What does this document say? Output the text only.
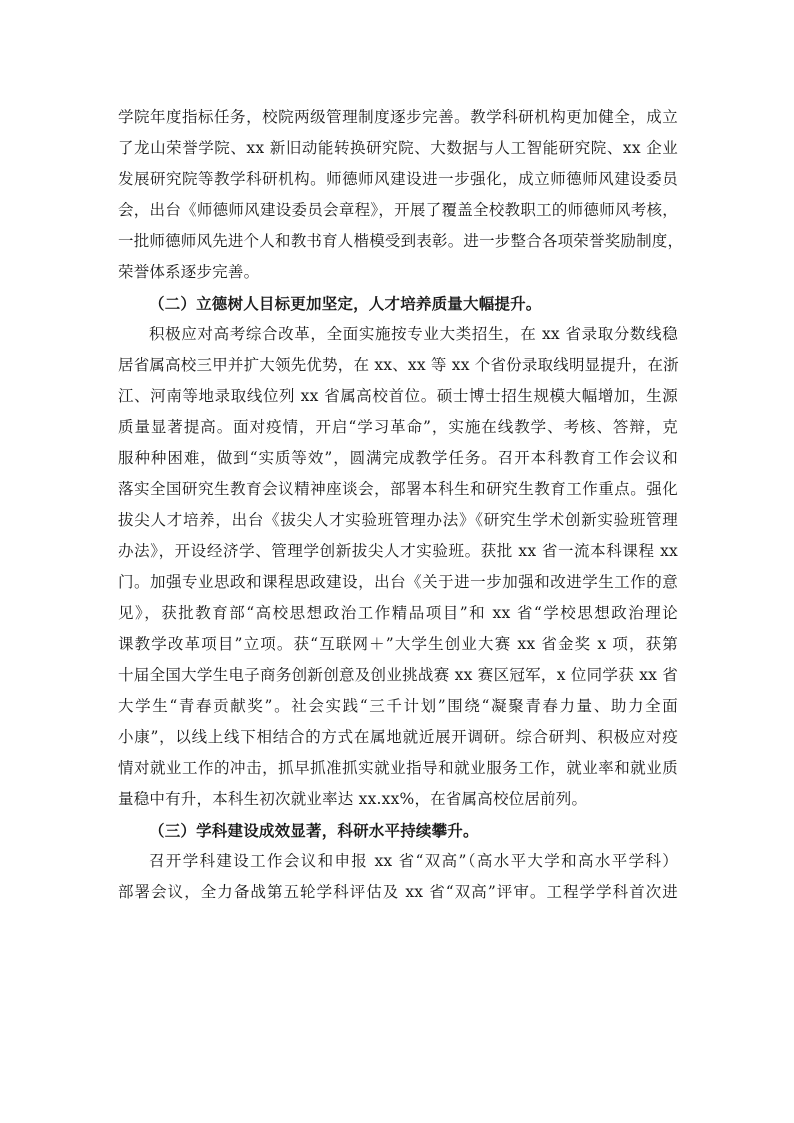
学院年度指标任务，校院两级管理制度逐步完善。教学科研机构更加健全，成立
了龙山荣誉学院、xx 新旧动能转换研究院、大数据与人工智能研究院、xx 企业
发展研究院等教学科研机构。师德师风建设进一步强化，成立师德师风建设委员
会，出台《师德师风建设委员会章程》，开展了覆盖全校教职工的师德师风考核，
一批师德师风先进个人和教书育人楷模受到表彰。进一步整合各项荣誉奖励制度，
荣誉体系逐步完善。
（二）立德树人目标更加坚定，人才培养质量大幅提升。
积极应对高考综合改革，全面实施按专业大类招生，在 xx 省录取分数线稳
居省属高校三甲并扩大领先优势，在 xx、xx 等 xx 个省份录取线明显提升，在浙
江、河南等地录取线位列 xx 省属高校首位。硕士博士招生规模大幅增加，生源
质量显著提高。面对疫情，开启“学习革命”，实施在线教学、考核、答辩，克
服种种困难，做到“实质等效”，圆满完成教学任务。召开本科教育工作会议和
落实全国研究生教育会议精神座谈会，部署本科生和研究生教育工作重点。强化
拔尖人才培养，出台《拔尖人才实验班管理办法》《研究生学术创新实验班管理
办法》，开设经济学、管理学创新拔尖人才实验班。获批 xx 省一流本科课程 xx
门。加强专业思政和课程思政建设，出台《关于进一步加强和改进学生工作的意
见》，获批教育部“高校思想政治工作精品项目”和 xx 省“学校思想政治理论
课教学改革项目”立项。获“互联网＋”大学生创业大赛 xx 省金奖 x 项，获第
十届全国大学生电子商务创新创意及创业挑战赛 xx 赛区冠军，x 位同学获 xx 省
大学生“青春贡献奖”。社会实践“三千计划”围绕“凝聚青春力量、助力全面
小康”，以线上线下相结合的方式在属地就近展开调研。综合研判、积极应对疫
情对就业工作的冲击，抓早抓准抓实就业指导和就业服务工作，就业率和就业质
量稳中有升，本科生初次就业率达 xx.xx%，在省属高校位居前列。
（三）学科建设成效显著，科研水平持续攀升。
召开学科建设工作会议和申报 xx 省“双高”（高水平大学和高水平学科）
部署会议，全力备战第五轮学科评估及 xx 省“双高”评审。工程学学科首次进
